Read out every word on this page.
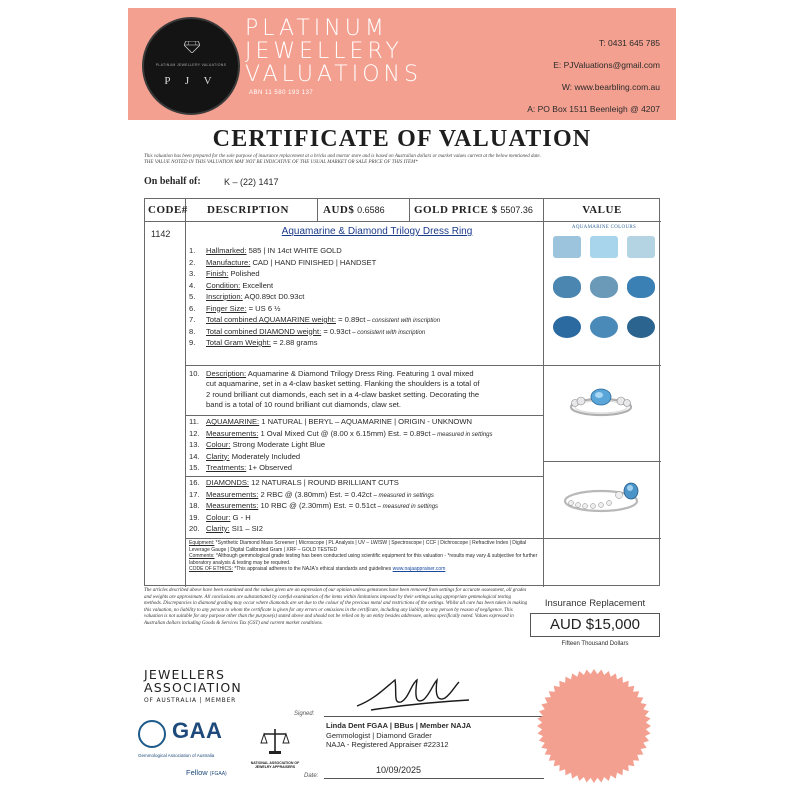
PLATINUM JEWELLERY VALUATIONS
P J V
PLATINUM
JEWELLERY
VALUATIONS
ABN 11 580 193 137
T: 0431 645 785
E: PJValuations@gmail.com
W: www.bearbling.com.au
A: PO Box 1511 Beenleigh @ 4207
CERTIFICATE OF VALUATION
This valuation has been prepared for the sole purpose of insurance replacement at a bricks and mortar store and is based on Australian dollars or market values current at the below mentioned date.
THE VALUE NOTED IN THIS VALUATION MAY NOT BE INDICATIVE OF THE USUAL MARKET OR SALE PRICE OF THIS ITEM*
On behalf of:	K – (22) 1417
CODE# DESCRIPTION	AUD$ 0.6586	GOLD PRICE $ 5507.36	VALUE
1142	Aquamarine & Diamond Trilogy Dress Ring
1. Hallmarked: 585 | IN 14ct WHITE GOLD
2. Manufacture: CAD | HAND FINISHED | HANDSET
3. Finish: Polished
4. Condition: Excellent
5. Inscription: AQ0.89ct D0.93ct
6. Finger Size: = US 6 ½
7. Total combined AQUAMARINE weight: = 0.89ct – consistent with inscription
8. Total combined DIAMOND weight: = 0.93ct – consistent with inscription
9. Total Gram Weight: = 2.88 grams
10. Description: Aquamarine & Diamond Trilogy Dress Ring. Featuring 1 oval mixed
cut aquamarine, set in a 4-claw basket setting. Flanking the shoulders is a total of
2 round brilliant cut diamonds, each set in a 4-claw basket setting. Decorating the
band is a total of 10 round brilliant cut diamonds, claw set.
11. AQUAMARINE: 1 NATURAL | BERYL – AQUAMARINE | ORIGIN - UNKNOWN
12. Measurements: 1 Oval Mixed Cut @ (8.00 x 6.15mm) Est. = 0.89ct – measured in settings
13. Colour: Strong Moderate Light Blue
14. Clarity: Moderately Included
15. Treatments: 1+ Observed
16. DIAMONDS: 12 NATURALS | ROUND BRILLIANT CUTS
17. Measurements: 2 RBC @ (3.80mm) Est. = 0.42ct – measured in settings
18. Measurements: 10 RBC @ (2.30mm) Est. = 0.51ct – measured in settings
19. Colour: G - H
20. Clarity: SI1 – SI2
Equipment: *Synthetic Diamond Mass Screener | Microscope | PL Analysis | UV – LW/SW | Spectroscope | CCF | Dichroscope | Refractive Index | Digital Leverage Gauge | Digital Calibrated Gram | XRF – GOLD TESTED
Comments: *Although gemmological grade testing has been conducted using scientific equipment for this valuation - *results may vary & subjective for further laboratory analysis & testing may be required.
CODE OF ETHICS: *This appraisal adheres to the NAJA's ethical standards and guidelines www.najaappraiser.com
AQUAMARINE COLOURS
The articles described above have been examined and the values given are an expression of our opinion unless gemstones have been removed from settings for accurate assessment, all grades and weights are approximate. All conclusions are substantiated by careful examination of the items within limitations imposed by their settings using appropriate gemmological testing methods. Discrepancies in diamond grading may occur where diamonds are set due to the colour of the precious metal and restrictions of the settings. Whilst all care has been taken in making this valuation, no liability to any person to whom the certificate is given for any errors or omissions in the certificate, including any liability to any person by reason of negligence. This valuation is not suitable for any purpose other than the purpose(s) stated above and should not be relied on by an entity besides addressee, unless specifically noted. Values expressed in Australian dollars including Goods & Services Tax (GST) and current market conditions.
Insurance Replacement
AUD $15,000
Fifteen Thousand Dollars
JEWELLERS
ASSOCIATION
OF AUSTRALIA | MEMBER
GAA
Gemmological Association of Australia
Fellow (FGAA)
NATIONAL ASSOCIATION OF JEWELRY APPRAISERS
Signed:
Linda Dent FGAA | BBus | Member NAJA
Gemmologist | Diamond Grader
NAJA - Registered Appraiser #22312
Date:
10/09/2025
